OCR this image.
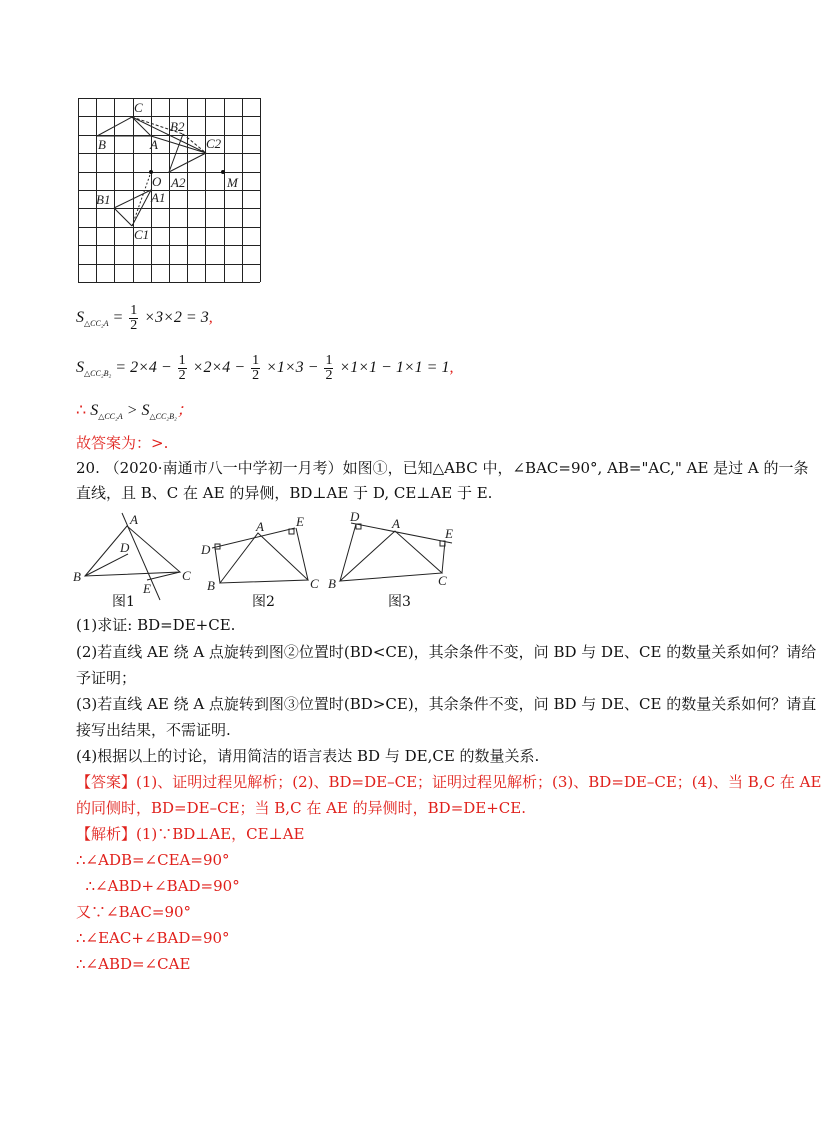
C
B	A
B2
C2
O A2	M
B1	A1
C1
$S_{\triangle CC_2A} = \frac{1}{2} \times 3\times 2 = 3$,
$S_{\triangle CC_2B_2} = 2\times 4 - \frac{1}{2} \times 2\times 4 - \frac{1}{2} \times 1\times 3 - \frac{1}{2} \times 1\times 1 - 1\times 1 = 1$,
∴ $S_{\triangle CC_2A} > S_{\triangle CC_2B_2}$；
故答案为：>.
20. （2020·南通市八一中学初一月考）如图①，已知△ABC 中，∠BAC=90°, AB="AC," AE 是过 A 的一条
直线，且 B、C 在 AE 的异侧，BD⊥AE 于 D, CE⊥AE 于 E.
A
B	C
D
E
A
B	C
D
E	A
B	C
D
E
图1	图2	图3
(1)求证: BD=DE+CE.
(2)若直线 AE 绕 A 点旋转到图②位置时(BD<CE)，其余条件不变，问 BD 与 DE、CE 的数量关系如何？请给
予证明；
(3)若直线 AE 绕 A 点旋转到图③位置时(BD>CE)，其余条件不变，问 BD 与 DE、CE 的数量关系如何？请直
接写出结果，不需证明.
(4)根据以上的讨论，请用简洁的语言表达 BD 与 DE,CE 的数量关系.
【答案】(1)、证明过程见解析；(2)、BD=DE–CE；证明过程见解析；(3)、BD=DE–CE；(4)、当 B,C 在 AE
的同侧时，BD=DE–CE；当 B,C 在 AE 的异侧时，BD=DE+CE.
【解析】(1)∵BD⊥AE，CE⊥AE
∴∠ADB=∠CEA=90°
∴∠ABD+∠BAD=90°
又∵∠BAC=90°
∴∠EAC+∠BAD=90°
∴∠ABD=∠CAE
